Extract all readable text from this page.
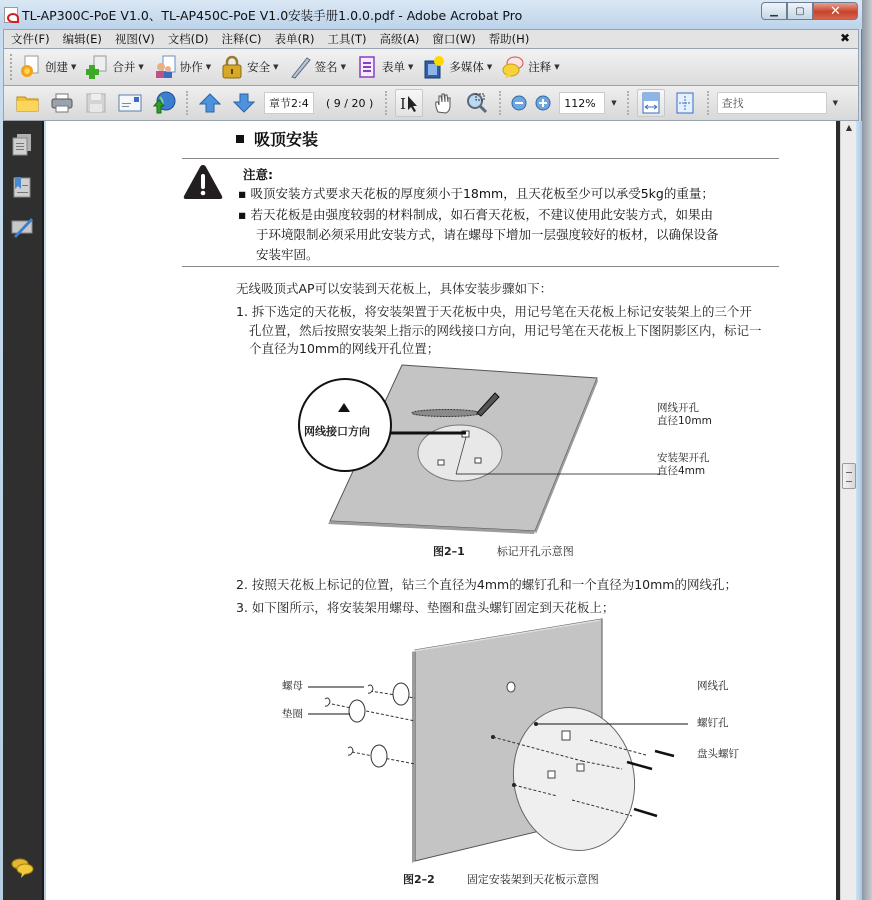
TL-AP300C-PoE V1.0、TL-AP450C-PoE V1.0安装手册1.0.0.pdf - Adobe Acrobat Pro	▁	▢	✕
文件(F)	编辑(E)	视图(V)	文档(D)	注释(C)	表单(R)	工具(T)	高级(A)	窗口(W)	帮助(H)	✖
创建 ▼	合并 ▼	协作 ▼	安全 ▼	签名 ▼	表单 ▼	多媒体 ▼	注释 ▼
章节2:4	( 9 / 20 ) I	112%	▼	查找	▼
吸顶安装
注意:
▪ 吸顶安装方式要求天花板的厚度须小于18mm，且天花板至少可以承受5kg的重量；
▪ 若天花板是由强度较弱的材料制成，如石膏天花板，不建议使用此安装方式，如果由
于环境限制必须采用此安装方式，请在螺母下增加一层强度较好的板材，以确保设备
安装牢固。
无线吸顶式AP可以安装到天花板上，具体安装步骤如下：
1. 拆下选定的天花板，将安装架置于天花板中央，用记号笔在天花板上标记安装架上的三个开
孔位置，然后按照安装架上指示的网线接口方向，用记号笔在天花板上下图阴影区内，标记一
个直径为10mm的网线开孔位置；
网线接口方向
网线开孔
直径10mm
安装架开孔
直径4mm
图2–1	标记开孔示意图
2. 按照天花板上标记的位置，钻三个直径为4mm的螺钉孔和一个直径为10mm的网线孔；
3. 如下图所示，将安装架用螺母、垫圈和盘头螺钉固定到天花板上；
螺母
垫圈
网线孔
螺钉孔
盘头螺钉
图2–2	固定安装架到天花板示意图
▲
